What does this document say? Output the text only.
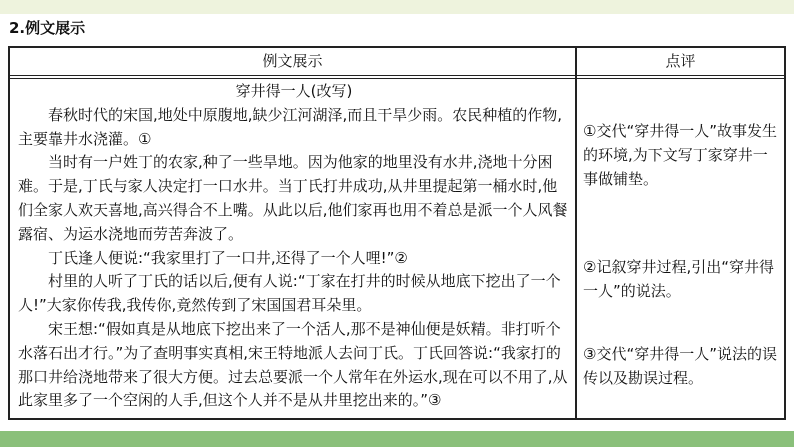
2.例文展示
例文展示	点评
穿井得一人(改写)

春秋时代的宋国,地处中原腹地,缺少江河湖泽,而且干旱少雨。农民种植的作物,主要靠井水浇灌。①

当时有一户姓丁的农家,种了一些旱地。因为他家的地里没有水井,浇地十分困难。于是,丁氏与家人决定打一口水井。当丁氏打井成功,从井里提起第一桶水时,他们全家人欢天喜地,高兴得合不上嘴。从此以后,他们家再也用不着总是派一个人风餐露宿、为运水浇地而劳苦奔波了。

丁氏逢人便说:“我家里打了一口井,还得了一个人哩!”②

村里的人听了丁氏的话以后,便有人说:“丁家在打井的时候从地底下挖出了一个人!”大家你传我,我传你,竟然传到了宋国国君耳朵里。

宋王想:“假如真是从地底下挖出来了一个活人,那不是神仙便是妖精。非打听个水落石出才行。”为了查明事实真相,宋王特地派人去问丁氏。丁氏回答说:“我家打的那口井给浇地带来了很大方便。过去总要派一个人常年在外运水,现在可以不用了,从此家里多了一个空闲的人手,但这个人并不是从井里挖出来的。”③

①交代“穿井得一人”故事发生的环境,为下文写丁家穿井一事做铺垫。
②记叙穿井过程,引出“穿井得一人”的说法。
③交代“穿井得一人”说法的误传以及勘误过程。
